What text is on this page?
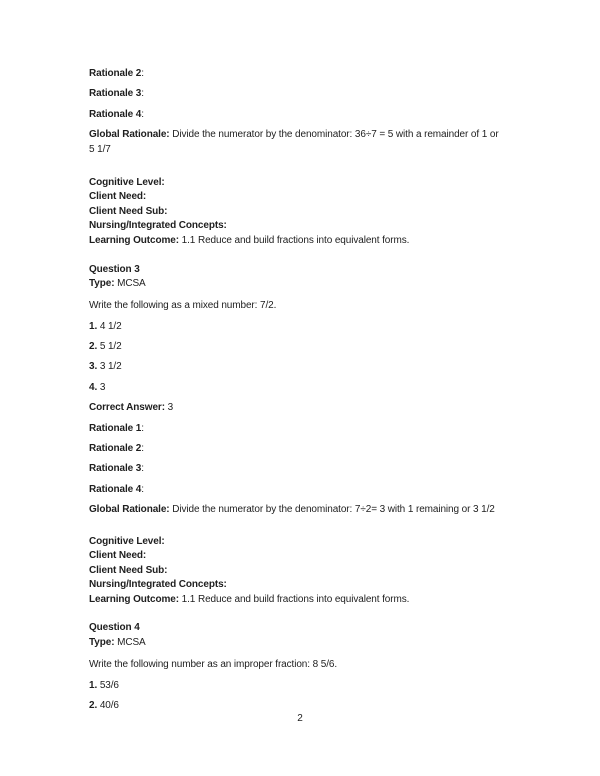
Rationale 2:

Rationale 3:

Rationale 4:

Global Rationale: Divide the numerator by the denominator: 36÷7 = 5 with a remainder of 1 or

5 1/7

Cognitive Level:

Client Need:

Client Need Sub:

Nursing/Integrated Concepts:

Learning Outcome: 1.1 Reduce and build fractions into equivalent forms.

Question 3

Type: MCSA

Write the following as a mixed number: 7/2.

1. 4 1/2

2. 5 1/2

3. 3 1/2

4. 3

Correct Answer: 3

Rationale 1:

Rationale 2:

Rationale 3:

Rationale 4:

Global Rationale: Divide the numerator by the denominator: 7÷2= 3 with 1 remaining or 3 1/2

Cognitive Level:

Client Need:

Client Need Sub:

Nursing/Integrated Concepts:

Learning Outcome: 1.1 Reduce and build fractions into equivalent forms.

Question 4

Type: MCSA

Write the following number as an improper fraction: 8 5/6.

1. 53/6

2. 40/6

2
